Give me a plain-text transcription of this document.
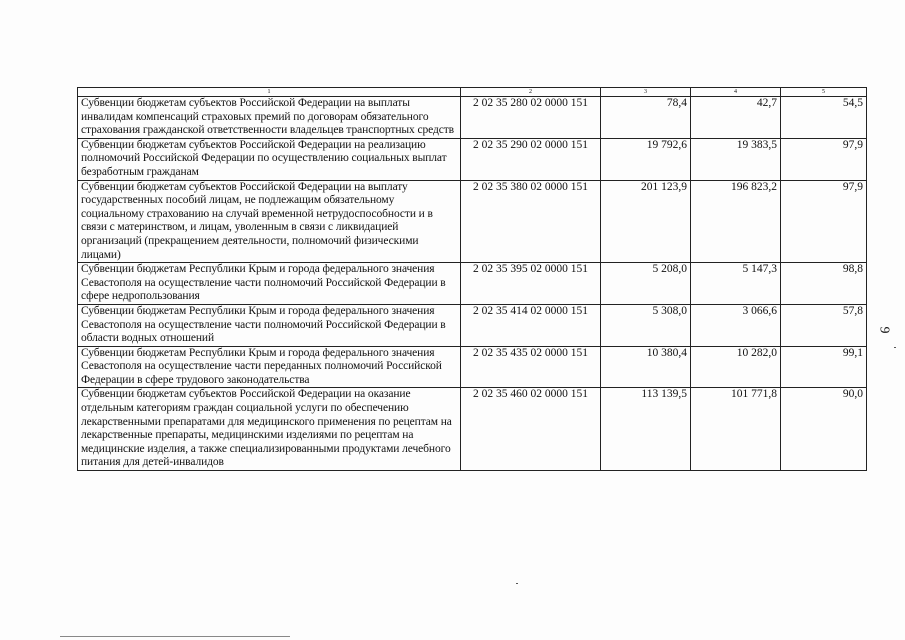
1	2	3	4	5
Субвенции бюджетам субъектов Российской Федерации на выплаты инвалидам компенсаций страховых премий по договорам обязательного страхования гражданской ответственности владельцев транспортных средств	2 02 35 280 02 0000 151	78,4	42,7	54,5
Субвенции бюджетам субъектов Российской Федерации на реализацию полномочий Российской Федерации по осуществлению социальных выплат безработным гражданам	2 02 35 290 02 0000 151	19 792,6	19 383,5	97,9
Субвенции бюджетам субъектов Российской Федерации на выплату государственных пособий лицам, не подлежащим обязательному социальному страхованию на случай временной нетрудоспособности и в связи с материнством, и лицам, уволенным в связи с ликвидацией организаций (прекращением деятельности, полномочий физическими лицами)	2 02 35 380 02 0000 151	201 123,9	196 823,2	97,9
Субвенции бюджетам Республики Крым и города федерального значения Севастополя на осуществление части полномочий Российской Федерации в сфере недропользования	2 02 35 395 02 0000 151	5 208,0	5 147,3	98,8
Субвенции бюджетам Республики Крым и города федерального значения Севастополя на осуществление части полномочий Российской Федерации в области водных отношений	2 02 35 414 02 0000 151	5 308,0	3 066,6	57,8
Субвенции бюджетам Республики Крым и города федерального значения Севастополя на осуществление части переданных полномочий Российской Федерации в сфере трудового законодательства	2 02 35 435 02 0000 151	10 380,4	10 282,0	99,1
Субвенции бюджетам субъектов Российской Федерации на оказание отдельным категориям граждан социальной услуги по обеспечению лекарственными препаратами для медицинского применения по рецептам на лекарственные препараты, медицинскими изделиями по рецептам на медицинские изделия, а также специализированными продуктами лечебного питания для детей-инвалидов	2 02 35 460 02 0000 151	113 139,5	101 771,8	90,0
9
